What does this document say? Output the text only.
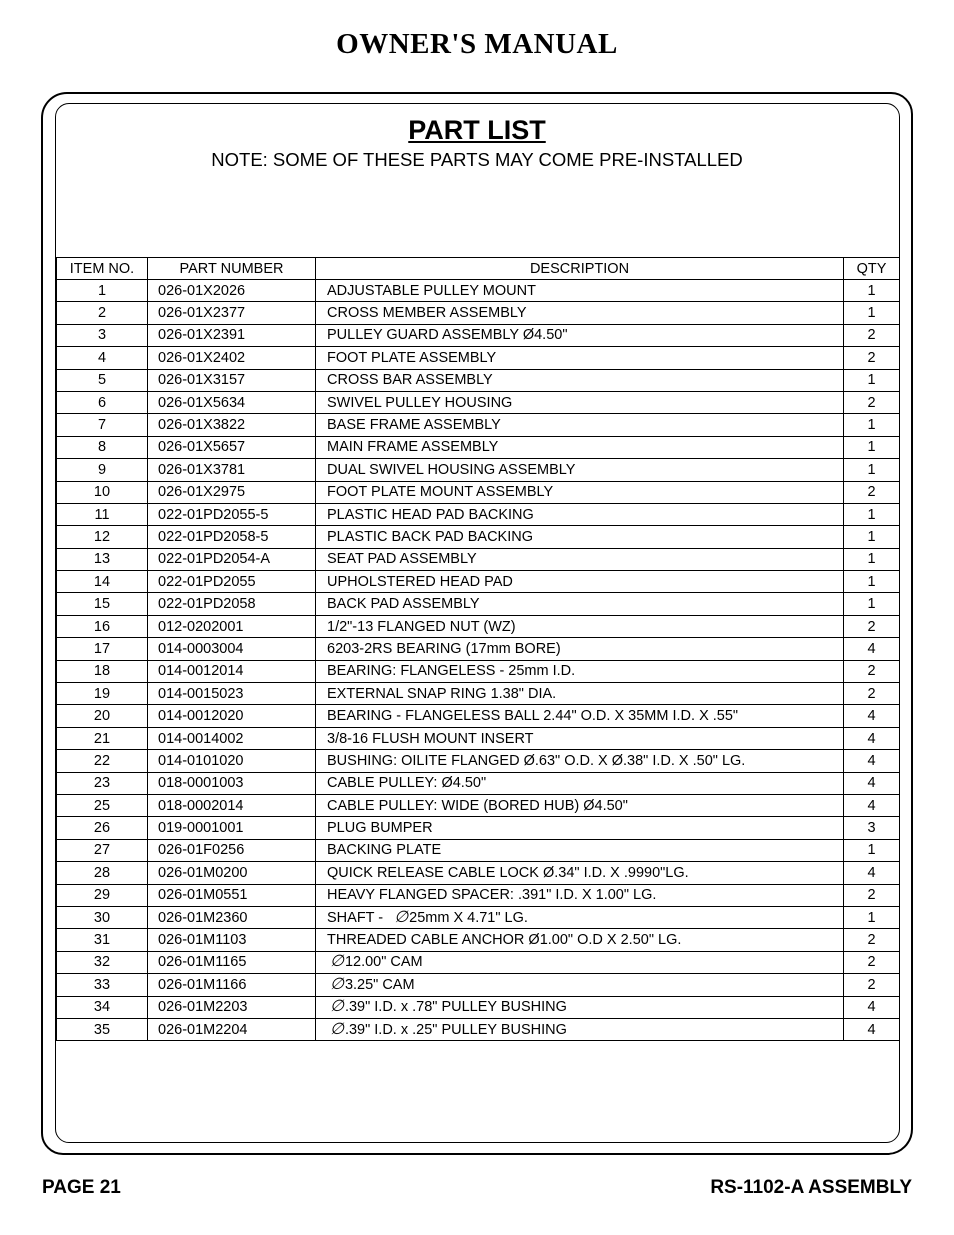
OWNER'S MANUAL
PART LIST
NOTE: SOME OF THESE PARTS MAY COME PRE-INSTALLED
ITEM NO.	PART NUMBER	DESCRIPTION	QTY
1	026-01X2026	ADJUSTABLE PULLEY MOUNT	1
2	026-01X2377	CROSS MEMBER ASSEMBLY	1
3	026-01X2391	PULLEY GUARD ASSEMBLY Ø4.50"	2
4	026-01X2402	FOOT PLATE ASSEMBLY	2
5	026-01X3157	CROSS BAR ASSEMBLY	1
6	026-01X5634	SWIVEL PULLEY HOUSING	2
7	026-01X3822	BASE FRAME ASSEMBLY	1
8	026-01X5657	MAIN FRAME ASSEMBLY	1
9	026-01X3781	DUAL SWIVEL HOUSING ASSEMBLY	1
10	026-01X2975	FOOT PLATE MOUNT ASSEMBLY	2
11	022-01PD2055-5	PLASTIC HEAD PAD BACKING	1
12	022-01PD2058-5	PLASTIC BACK PAD BACKING	1
13	022-01PD2054-A	SEAT PAD ASSEMBLY	1
14	022-01PD2055	UPHOLSTERED HEAD PAD	1
15	022-01PD2058	BACK PAD ASSEMBLY	1
16	012-0202001	1/2"-13 FLANGED NUT (WZ)	2
17	014-0003004	6203-2RS BEARING (17mm BORE)	4
18	014-0012014	BEARING: FLANGELESS - 25mm I.D.	2
19	014-0015023	EXTERNAL SNAP RING 1.38" DIA.	2
20	014-0012020	BEARING - FLANGELESS BALL 2.44" O.D. X 35MM I.D. X .55"	4
21	014-0014002	3/8-16 FLUSH MOUNT INSERT	4
22	014-0101020	BUSHING: OILITE FLANGED Ø.63" O.D. X Ø.38" I.D. X .50" LG.	4
23	018-0001003	CABLE PULLEY: Ø4.50"	4
25	018-0002014	CABLE PULLEY: WIDE (BORED HUB) Ø4.50"	4
26	019-0001001	PLUG BUMPER	3
27	026-01F0256	BACKING PLATE	1
28	026-01M0200	QUICK RELEASE CABLE LOCK Ø.34" I.D. X .9990"LG.	4
29	026-01M0551	HEAVY FLANGED SPACER: .391" I.D. X 1.00" LG.	2
30	026-01M2360	SHAFT -  ∅25mm X 4.71" LG.	1
31	026-01M1103	THREADED CABLE ANCHOR Ø1.00" O.D X 2.50" LG.	2
32	026-01M1165	∅12.00" CAM	2
33	026-01M1166	∅3.25" CAM	2
34	026-01M2203	∅.39" I.D. x .78" PULLEY BUSHING	4
35	026-01M2204	∅.39" I.D. x .25" PULLEY BUSHING	4
PAGE 21	RS-1102-A ASSEMBLY
